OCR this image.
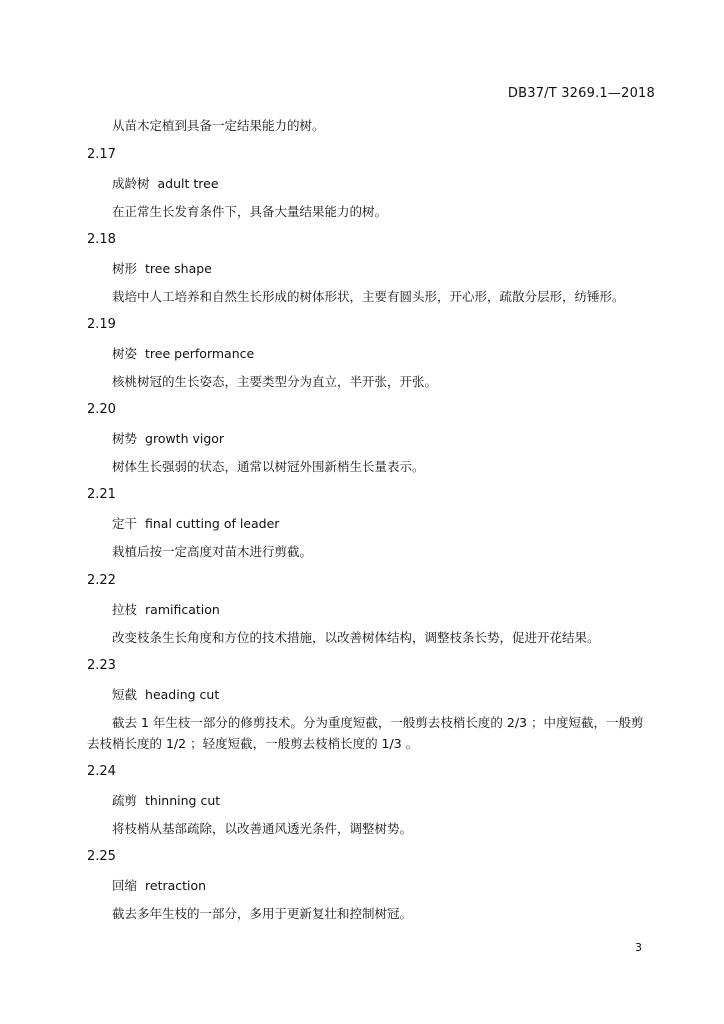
DB37/T 3269.1—2018
从苗木定植到具备一定结果能力的树。
2.17
成龄树 adult tree
在正常生长发育条件下，具备大量结果能力的树。
2.18
树形 tree shape
栽培中人工培养和自然生长形成的树体形状，主要有圆头形，开心形，疏散分层形，纺锤形。
2.19
树姿 tree performance
核桃树冠的生长姿态，主要类型分为直立，半开张，开张。
2.20
树势 growth vigor
树体生长强弱的状态，通常以树冠外围新梢生长量表示。
2.21
定干 final cutting of leader
栽植后按一定高度对苗木进行剪截。
2.22
拉枝 ramification
改变枝条生长角度和方位的技术措施，以改善树体结构，调整枝条长势，促进开花结果。
2.23
短截 heading cut
截去 1 年生枝一部分的修剪技术。分为重度短截，一般剪去枝梢长度的 2/3 ；中度短截，一般剪
去枝梢长度的 1/2 ；轻度短截，一般剪去枝梢长度的 1/3 。
2.24
疏剪 thinning cut
将枝梢从基部疏除，以改善通风透光条件，调整树势。
2.25
回缩 retraction
截去多年生枝的一部分，多用于更新复壮和控制树冠。
3
